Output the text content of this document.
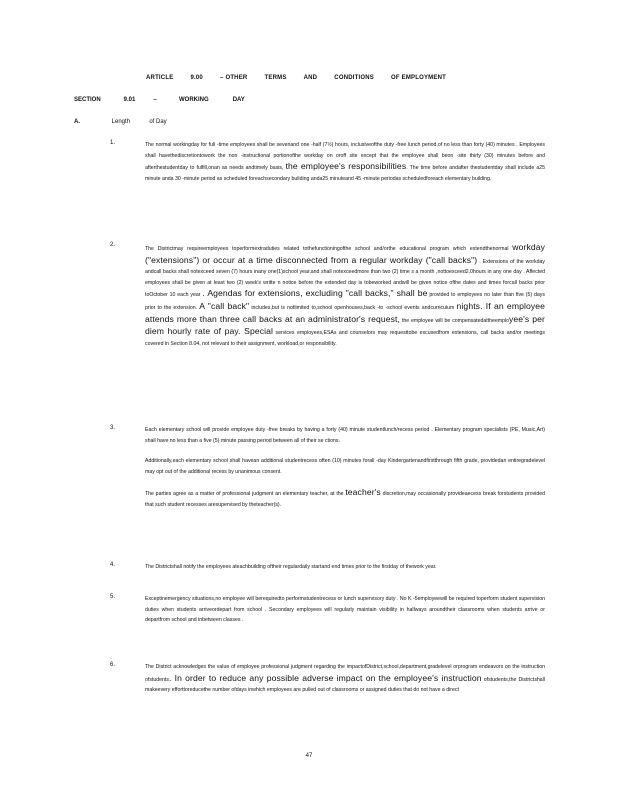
ARTICLE	9.00	– OTHER	TERMS	AND	CONDITIONS	OF EMPLOYMENT
SECTION	9.01	–	WORKING	DAY
A.	Length	of Day
1.	The normal workingday for full -time employees shall be sevenand one -half (7½) hours, inclusiveofthe duty -free lunch period,of no less than forty (40) minutes . Employees shall havethediscretiontowork the non -instructional portionofthe workday on oroff site except that the employee shall beon -site thirty (30) minutes before and afterthestudentday to fulfill,onan as needs andtimely basis, the employee's responsibilities. The time before andafter thestudentday shall include a25 minute anda 30 -minute period as scheduled foreachsecondary building anda25 minuteand 45 -minute periodas scheduledforeach elementary building.

2.

The Districtmay requireemployees toperformextraduties related tothefunctioningofthe school and/orthe educational program which extendthenormal workday ("extensions") or occur at a time disconnected from a regular workday ("call backs") . Extensions of the workday andcall backs shall notexceed seven (7) hours inany one(1)school year,and shall notexceedmore than two (2) time s a month ,nottoexceed2.0hours in any one day . Affected employees shall be given at least two (2) week's writte n notice before the extended day is tobeworked andwill be given notice ofthe dates and times forcall backs prior toOctober 10 each year . Agendas for extensions, excluding "call backs," shall be provided to employees no later than five (5) days prior to the extension. A "call back" includes,but is notlimited to,school openhouses,back -to -school events andcurriculum nights. If an employee attends more than three call backs at an administrator's request, the employee will be compensatedattheemployee's per diem hourly rate of pay. Special services employees,ESAs and counselors may requesttobe excusedfrom extensions, call backs and/or meetings covered in Section 8.04, not relevant to their assignment, workload,or responsibility.

3.	Each elementary school will provide employee duty -free breaks by having a forty (40) minute studentlunch/recess period . Elementary program specialists (PE, Music,Art) shall have no less than a five (5) minute passing period between all of their se ctions.

Additionally,each elementary school shall havean additional studentrecess often (10) minutes forall -day Kindergartenandfirstthrough fifth grade, providedan entiregradelevel may opt out of the additional recess by unanimous consent.

The parties agree as a matter of professional judgment an elementary teacher, at the teacher's discretion,may occasionally provideaecess break forstudents provided that such student recesses aresupervised by theteacher(s).

4.	The Districtshall notify the employees ateachbuilding oftheir regulardaily startand end times prior to the firstday of thework year.

5.	Exceptinemergency situations,no employee will berequiredto performstudentrecess or lunch supervisory duty . No K -5employeewill be required toperform student supervision duties when students arriveordepart from school . Secondary employees will regularly maintain visibility in hallways aroundtheir classrooms when students arrive or departfrom school and inbetween classes .

6.	The District acknowledges the value of employee professional judgment regarding the impactofDistrict,school,department,gradelevel orprogram endeavors on the instruction ofstudents. In order to reduce any possible adverse impact on the employee's instruction ofstudents,the Districtshall makeevery efforttoreducethe number ofdays inwhich employees are pulled out of classrooms or assigned duties that do not have a direct

47
